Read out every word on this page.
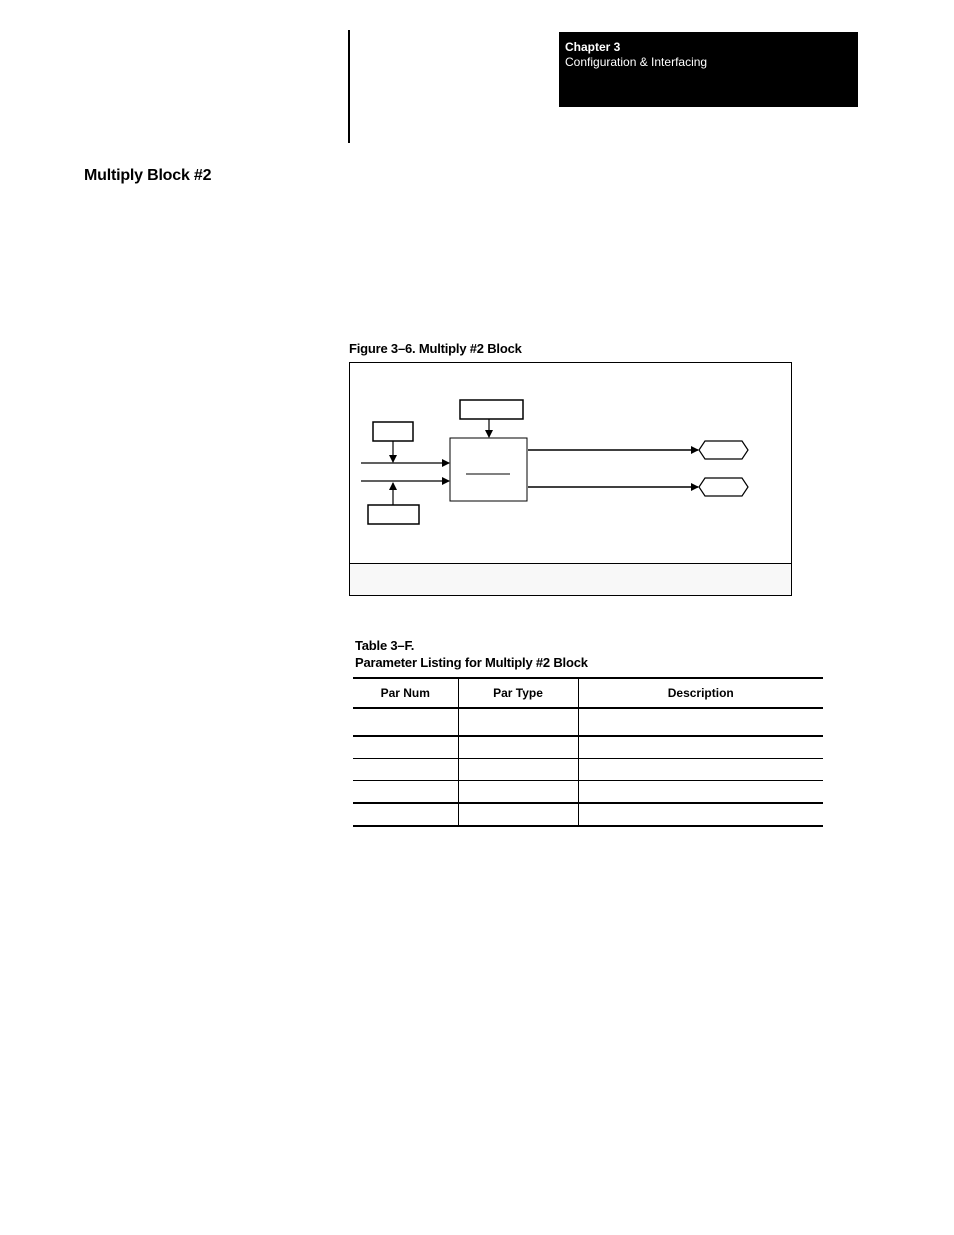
Chapter 3
Configuration & Interfacing
Multiply Block #2
Figure 3–6. Multiply #2 Block
Table 3–F.
Parameter Listing for Multiply #2 Block
Par Num	Par Type	Description
